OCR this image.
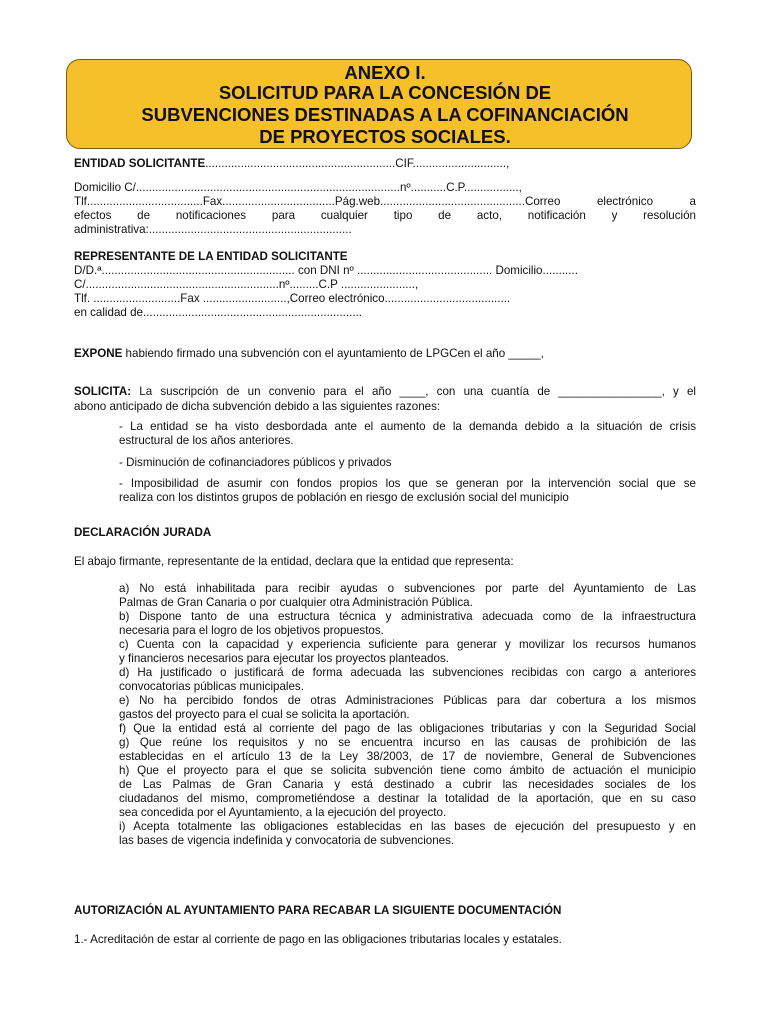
ANEXO I.
SOLICITUD PARA LA CONCESIÓN DE
SUBVENCIONES DESTINADAS A LA COFINANCIACIÓN
DE PROYECTOS SOCIALES.
ENTIDAD SOLICITANTE...........................................................CIF.............................,
Domicilio C/..................................................................................nº...........C.P.................,
Tlf....................................Fax...................................Pág.web.............................................Correo electrónico a
efectos de notificaciones para cualquier tipo de acto, notificación y resolución
administrativa:...............................................................
REPRESENTANTE DE LA ENTIDAD SOLICITANTE
D/D.ª............................................................ con DNI nº .......................................... Domicilio...........
C/............................................................nº.........C.P .......................,
Tlf. ...........................Fax ..........................,Correo electrónico.......................................
en calidad de....................................................................
EXPONE habiendo firmado una subvención con el ayuntamiento de LPGCen el año _____,
SOLICITA: La suscripción de un convenio para el año ____, con una cuantía de ________________, y el
abono anticipado de dicha subvención debido a las siguientes razones:
- La entidad se ha visto desbordada ante el aumento de la demanda debido a la situación de crisis
estructural de los años anteriores.
- Disminución de cofinanciadores públicos y privados
- Imposibilidad de asumir con fondos propios los que se generan por la intervención social que se
realiza con los distintos grupos de población en riesgo de exclusión social del municipio
DECLARACIÓN JURADA
El abajo firmante, representante de la entidad, declara que la entidad que representa:
a) No está inhabilitada para recibir ayudas o subvenciones por parte del Ayuntamiento de Las
Palmas de Gran Canaria o por cualquier otra Administración Pública.
b) Dispone tanto de una estructura técnica y administrativa adecuada como de la infraestructura
necesaria para el logro de los objetivos propuestos.
c) Cuenta con la capacidad y experiencia suficiente para generar y movilizar los recursos humanos
y financieros necesarios para ejecutar los proyectos planteados.
d) Ha justificado o justificará de forma adecuada las subvenciones recibidas con cargo a anteriores
convocatorias públicas municipales.
e) No ha percibido fondos de otras Administraciones Públicas para dar cobertura a los mismos
gastos del proyecto para el cual se solicita la aportación.
f) Que la entidad está al corriente del pago de las obligaciones tributarias y con la Seguridad Social
g) Que reúne los requisitos y no se encuentra incurso en las causas de prohibición de las
establecidas en el artículo 13 de la Ley 38/2003, de 17 de noviembre, General de Subvenciones
h) Que el proyecto para el que se solicita subvención tiene como ámbito de actuación el municipio
de Las Palmas de Gran Canaria y está destinado a cubrir las necesidades sociales de los
ciudadanos del mismo, comprometiéndose a destinar la totalidad de la aportación, que en su caso
sea concedida por el Ayuntamiento, a la ejecución del proyecto.
i) Acepta totalmente las obligaciones establecidas en las bases de ejecución del presupuesto y en
las bases de vigencia indefinida y convocatoria de subvenciones.
AUTORIZACIÓN AL AYUNTAMIENTO PARA RECABAR LA SIGUIENTE DOCUMENTACIÓN
1.- Acreditación de estar al corriente de pago en las obligaciones tributarias locales y estatales.
